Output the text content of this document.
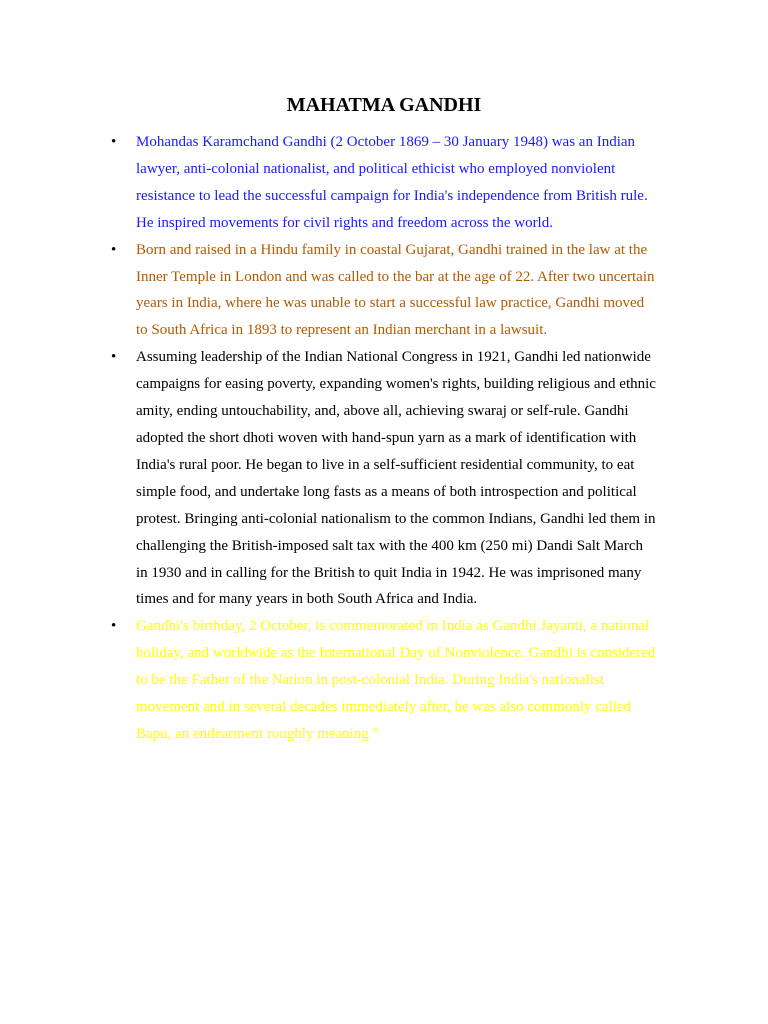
MAHATMA GANDHI
• Mohandas Karamchand Gandhi (2 October 1869 – 30 January 1948) was an Indian lawyer, anti-colonial nationalist, and political ethicist who employed nonviolent resistance to lead the successful campaign for India's independence from British rule. He inspired movements for civil rights and freedom across the world.
• Born and raised in a Hindu family in coastal Gujarat, Gandhi trained in the law at the Inner Temple in London and was called to the bar at the age of 22. After two uncertain years in India, where he was unable to start a successful law practice, Gandhi moved to South Africa in 1893 to represent an Indian merchant in a lawsuit.
• Assuming leadership of the Indian National Congress in 1921, Gandhi led nationwide campaigns for easing poverty, expanding women's rights, building religious and ethnic amity, ending untouchability, and, above all, achieving swaraj or self-rule. Gandhi adopted the short dhoti woven with hand-spun yarn as a mark of identification with India's rural poor. He began to live in a self-sufficient residential community, to eat simple food, and undertake long fasts as a means of both introspection and political protest. Bringing anti-colonial nationalism to the common Indians, Gandhi led them in challenging the British-imposed salt tax with the 400 km (250 mi) Dandi Salt March in 1930 and in calling for the British to quit India in 1942. He was imprisoned many times and for many years in both South Africa and India.
• Gandhi's birthday, 2 October, is commemorated in India as Gandhi Jayanti, a national holiday, and worldwide as the International Day of Nonviolence. Gandhi is considered to be the Father of the Nation in post-colonial India. During India's nationalist movement and in several decades immediately after, he was also commonly called Bapu, an endearment roughly meaning "
